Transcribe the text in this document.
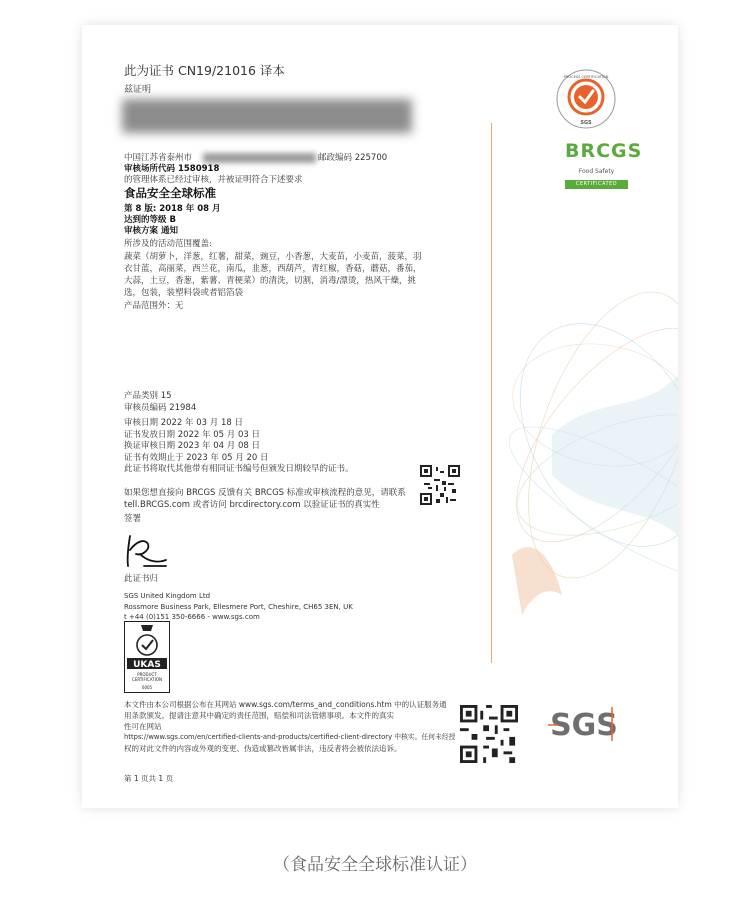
此为证书 CN19/21016 译本
兹证明
中国江苏省泰州市	邮政编码 225700
审核场所代码 1580918
的管理体系已经过审核，并被证明符合下述要求
食品安全全球标准
第 8 版: 2018 年 08 月
达到的等级 B
审核方案 通知
所涉及的活动范围覆盖:
蔬菜（胡萝卜，洋葱，红薯，甜菜，豌豆，小香葱，大麦苗，小麦苗，菠菜，羽衣甘蓝，高丽菜，西兰花，南瓜，韭葱，西葫芦，青红椒，香菇，蘑菇，番茄，大蒜，土豆，香葱，紫薯、青梗菜）的清洗，切割，消毒/漂烫，热风干燥，挑选，包装，装塑料袋或者铝箔袋
产品范围外：无
产品类别 15
审核员编码 21984
审核日期 2022 年 03 月 18 日
证书发放日期 2022 年 05 月 03 日
换证审核日期 2023 年 04 月 08 日
证书有效期止于 2023 年 05 月 20 日
此证书将取代其他带有相同证书编号但颁发日期较早的证书。
如果您想直接向 BRCGS 反馈有关 BRCGS 标准或审核流程的意见，请联系
tell.BRCGS.com 或者访问 brcdirectory.com 以验证证书的真实性
签署
此证书归
SGS United Kingdom Ltd
Rossmore Business Park, Ellesmere Port, Cheshire, CH65 3EN, UK
t +44 (0)151 350-6666 - www.sgs.com
UKAS
PRODUCT
CERTIFICATION
0005
本文件由本公司根据公布在其网站 www.sgs.com/terms_and_conditions.htm 中的认证服务通
用条款颁发。提请注意其中确定的责任范围，赔偿和司法管辖事项。本文件的真实
性可在网站
https://www.sgs.com/en/certified-clients-and-products/certified-client-directory 中核实。任何未经授
权的对此文件的内容或外观的变更、伪造或篡改皆属非法，违反者将会被依法追诉。
第 1 页共 1 页
PROCESS CERTIFICATION
SGS
BRCGS
Food Safety
CERTIFICATED
SGS
（食品安全全球标准认证）
